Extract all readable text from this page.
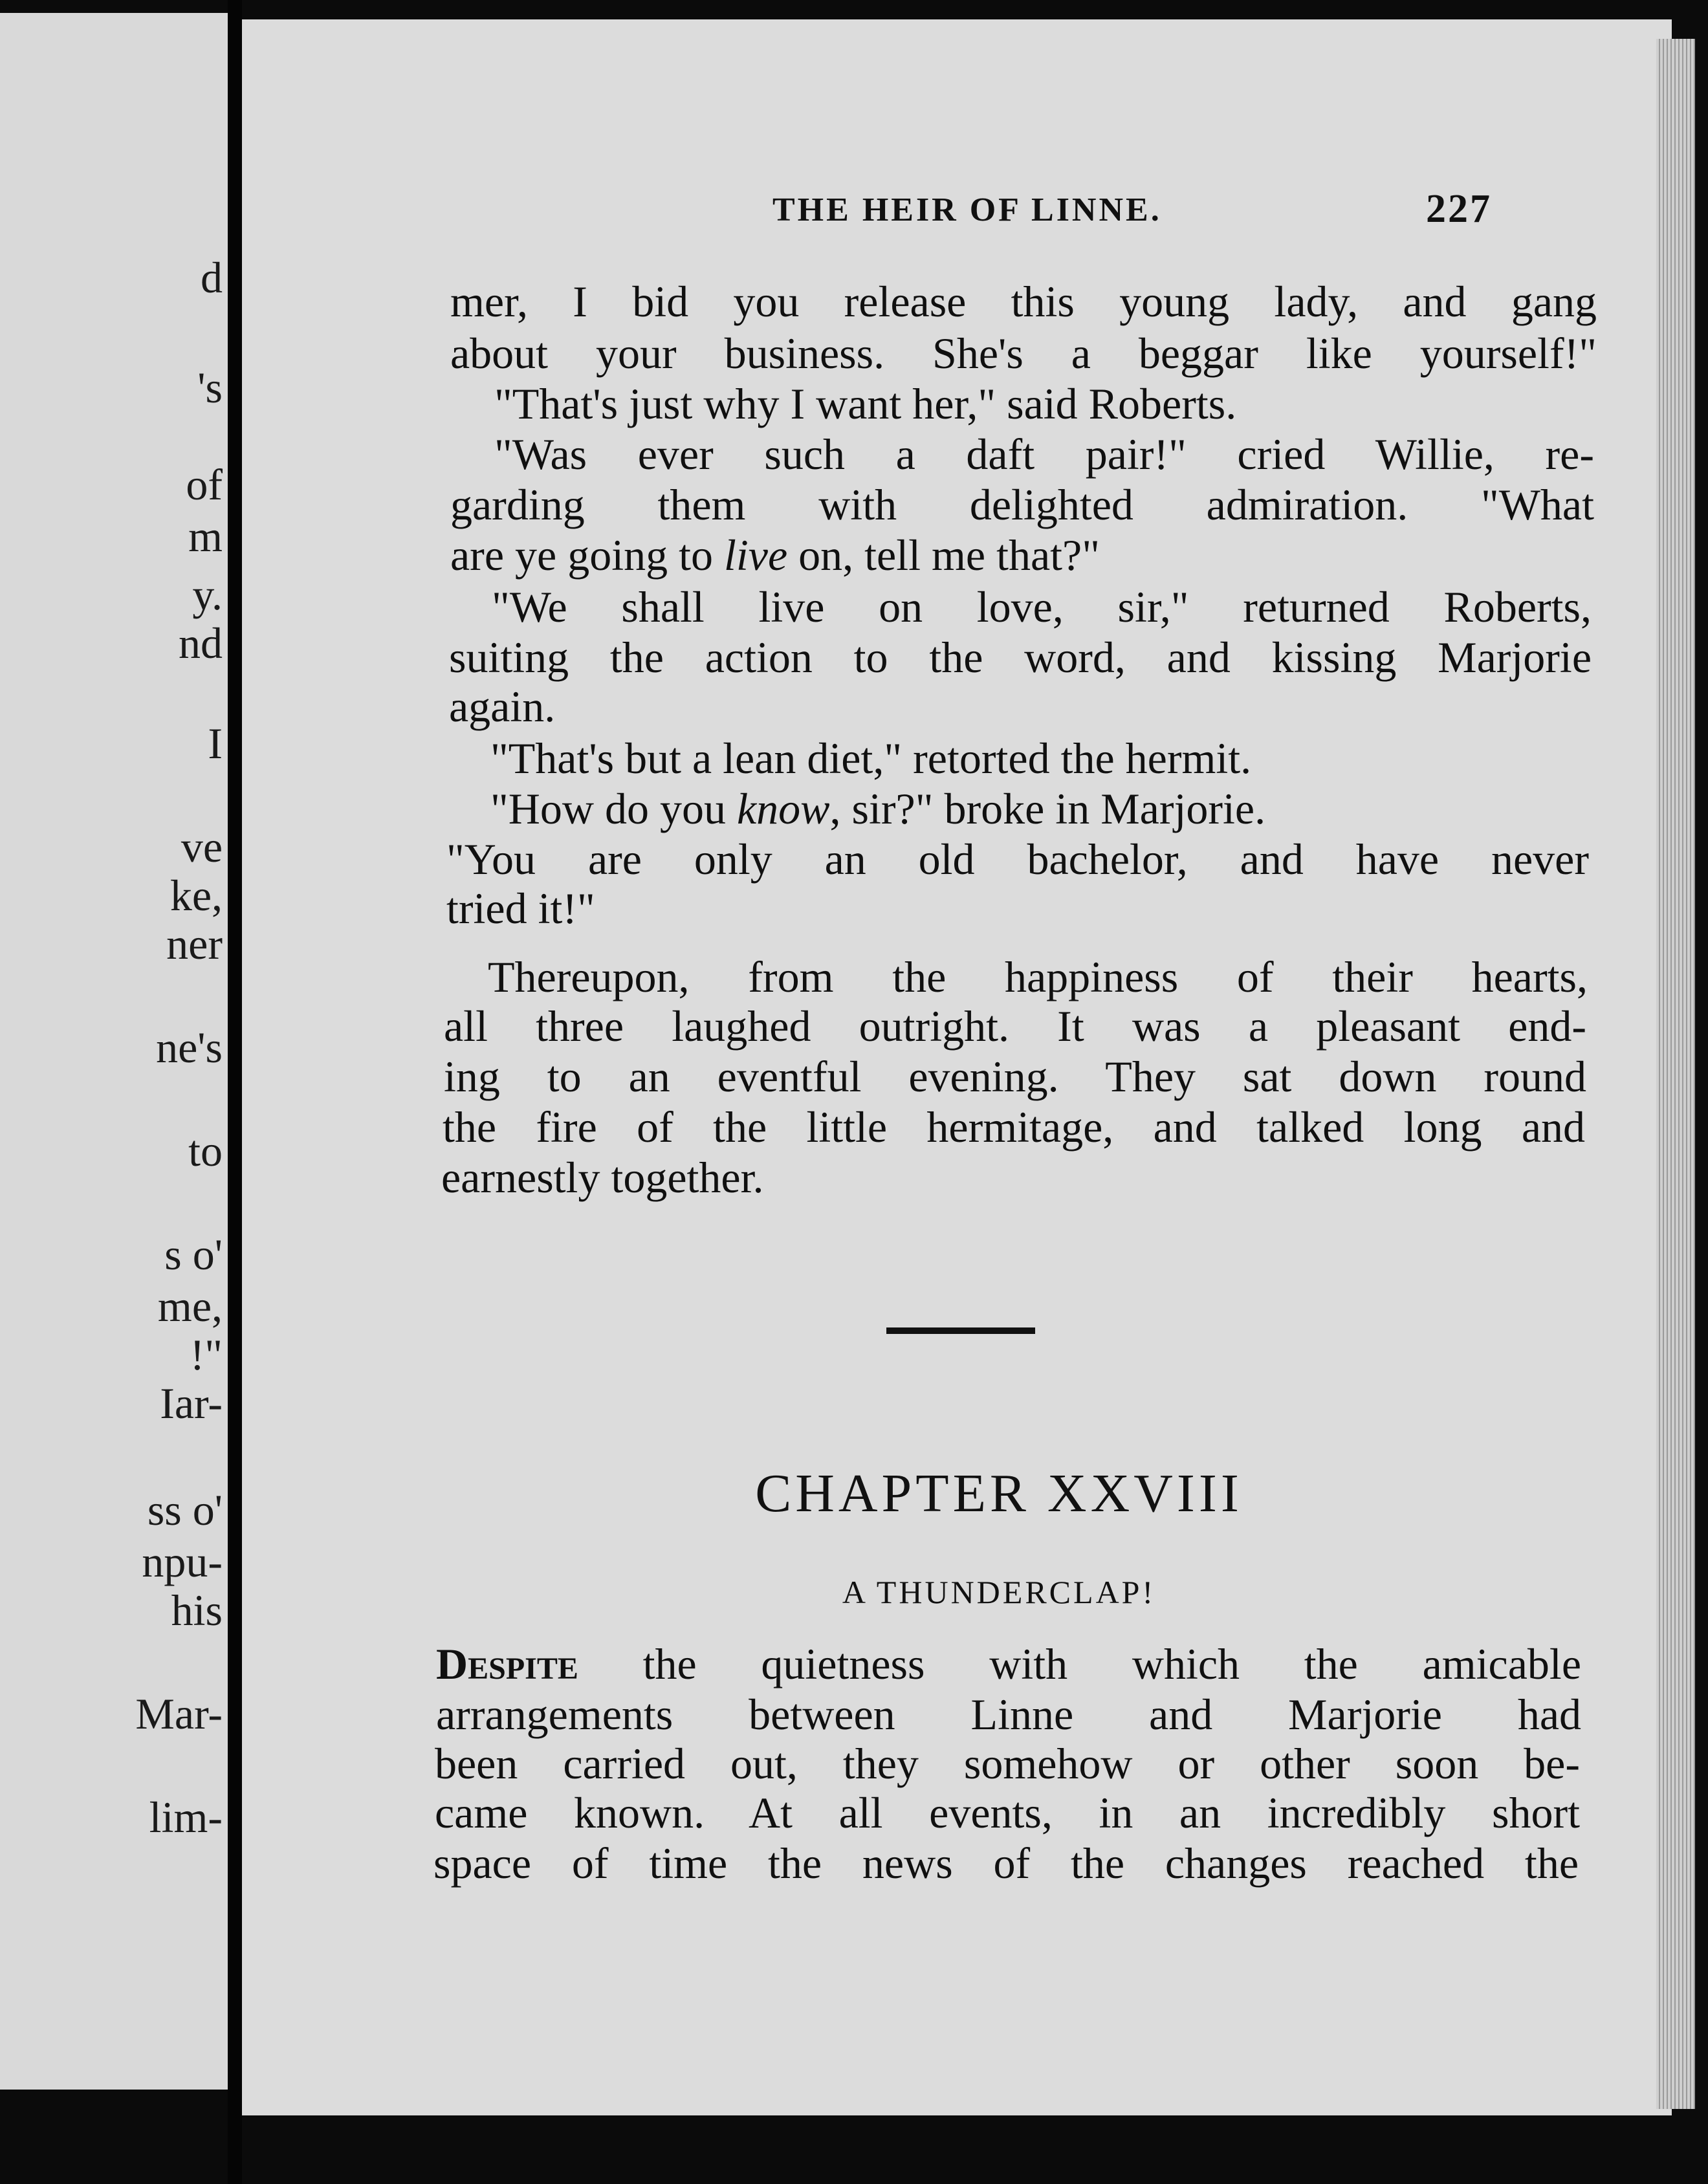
d
's
of
m
y.
nd
I
ve
ke,
ner
ne's
to
s o'
me,
!"
Iar-
ss o'
npu-
his
Mar-
lim-
THE HEIR OF LINNE.	227
mer, I bid you release this young lady, and gang
about your business. She's a beggar like yourself!"
"That's just why I want her," said Roberts.
"Was ever such a daft pair!" cried Willie, re-
garding them with delighted admiration. "What
are ye going to live on, tell me that?"
"We shall live on love, sir," returned Roberts,
suiting the action to the word, and kissing Marjorie
again.
"That's but a lean diet," retorted the hermit.
"How do you know, sir?" broke in Marjorie.
"You are only an old bachelor, and have never
tried it!"
Thereupon, from the happiness of their hearts,
all three laughed outright. It was a pleasant end-
ing to an eventful evening. They sat down round
the fire of the little hermitage, and talked long and
earnestly together.
CHAPTER XXVIII
A THUNDERCLAP!
Despite the quietness with which the amicable
arrangements between Linne and Marjorie had
been carried out, they somehow or other soon be-
came known. At all events, in an incredibly short
space of time the news of the changes reached the
